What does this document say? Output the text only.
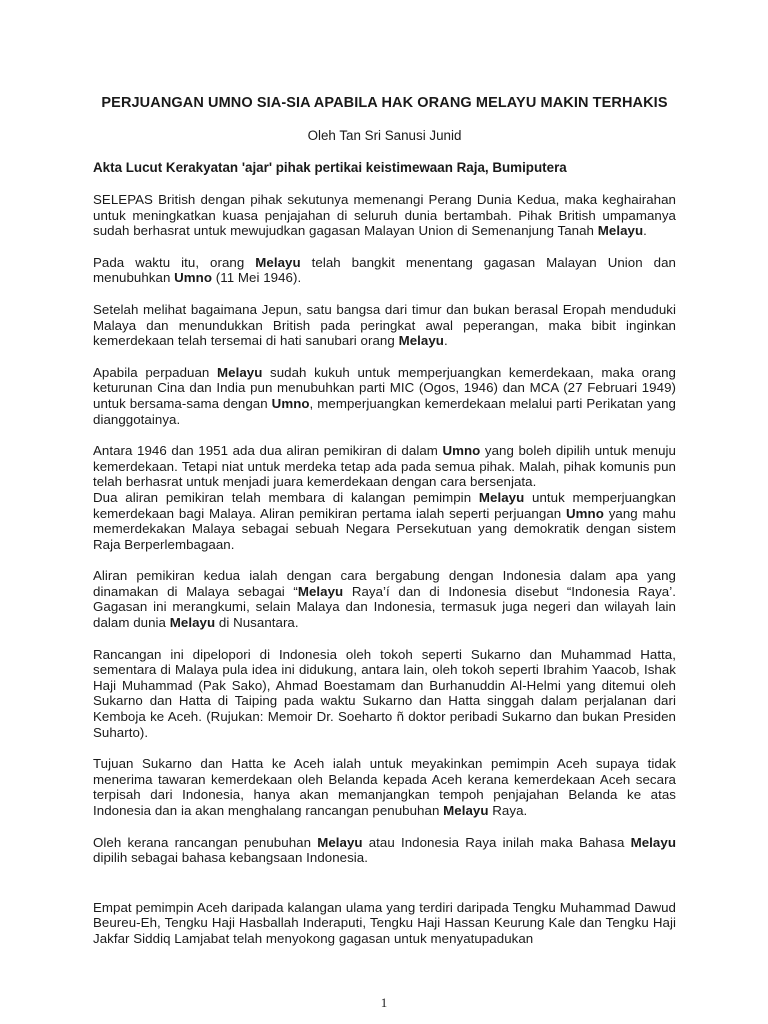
PERJUANGAN UMNO SIA-SIA APABILA HAK ORANG MELAYU MAKIN TERHAKIS
Oleh Tan Sri Sanusi Junid
Akta Lucut Kerakyatan 'ajar' pihak pertikai keistimewaan Raja, Bumiputera

SELEPAS British dengan pihak sekutunya memenangi Perang Dunia Kedua, maka keghairahan untuk meningkatkan kuasa penjajahan di seluruh dunia bertambah. Pihak British umpamanya sudah berhasrat untuk mewujudkan gagasan Malayan Union di Semenanjung Tanah Melayu.

Pada waktu itu, orang Melayu telah bangkit menentang gagasan Malayan Union dan menubuhkan Umno (11 Mei 1946).

Setelah melihat bagaimana Jepun, satu bangsa dari timur dan bukan berasal Eropah menduduki Malaya dan menundukkan British pada peringkat awal peperangan, maka bibit inginkan kemerdekaan telah tersemai di hati sanubari orang Melayu.

Apabila perpaduan Melayu sudah kukuh untuk memperjuangkan kemerdekaan, maka orang keturunan Cina dan India pun menubuhkan parti MIC (Ogos, 1946) dan MCA (27 Februari 1949) untuk bersama-sama dengan Umno, memperjuangkan kemerdekaan melalui parti Perikatan yang dianggotainya.

Antara 1946 dan 1951 ada dua aliran pemikiran di dalam Umno yang boleh dipilih untuk menuju kemerdekaan. Tetapi niat untuk merdeka tetap ada pada semua pihak. Malah, pihak komunis pun telah berhasrat untuk menjadi juara kemerdekaan dengan cara bersenjata.

Dua aliran pemikiran telah membara di kalangan pemimpin Melayu untuk memperjuangkan kemerdekaan bagi Malaya. Aliran pemikiran pertama ialah seperti perjuangan Umno yang mahu memerdekakan Malaya sebagai sebuah Negara Persekutuan yang demokratik dengan sistem Raja Berperlembagaan.

Aliran pemikiran kedua ialah dengan cara bergabung dengan Indonesia dalam apa yang dinamakan di Malaya sebagai “Melayu Raya’í dan di Indonesia disebut “Indonesia Raya’. Gagasan ini merangkumi, selain Malaya dan Indonesia, termasuk juga negeri dan wilayah lain dalam dunia Melayu di Nusantara.

Rancangan ini dipelopori di Indonesia oleh tokoh seperti Sukarno dan Muhammad Hatta, sementara di Malaya pula idea ini didukung, antara lain, oleh tokoh seperti Ibrahim Yaacob, Ishak Haji Muhammad (Pak Sako), Ahmad Boestamam dan Burhanuddin Al-Helmi yang ditemui oleh Sukarno dan Hatta di Taiping pada waktu Sukarno dan Hatta singgah dalam perjalanan dari Kemboja ke Aceh. (Rujukan: Memoir Dr. Soeharto ñ doktor peribadi Sukarno dan bukan Presiden Suharto).

Tujuan Sukarno dan Hatta ke Aceh ialah untuk meyakinkan pemimpin Aceh supaya tidak menerima tawaran kemerdekaan oleh Belanda kepada Aceh kerana kemerdekaan Aceh secara terpisah dari Indonesia, hanya akan memanjangkan tempoh penjajahan Belanda ke atas Indonesia dan ia akan menghalang rancangan penubuhan Melayu Raya.

Oleh kerana rancangan penubuhan Melayu atau Indonesia Raya inilah maka Bahasa Melayu dipilih sebagai bahasa kebangsaan Indonesia.

Empat pemimpin Aceh daripada kalangan ulama yang terdiri daripada Tengku Muhammad Dawud Beureu-Eh, Tengku Haji Hasballah Inderaputi, Tengku Haji Hassan Keurung Kale dan Tengku Haji Jakfar Siddiq Lamjabat telah menyokong gagasan untuk menyatupadukan

1
